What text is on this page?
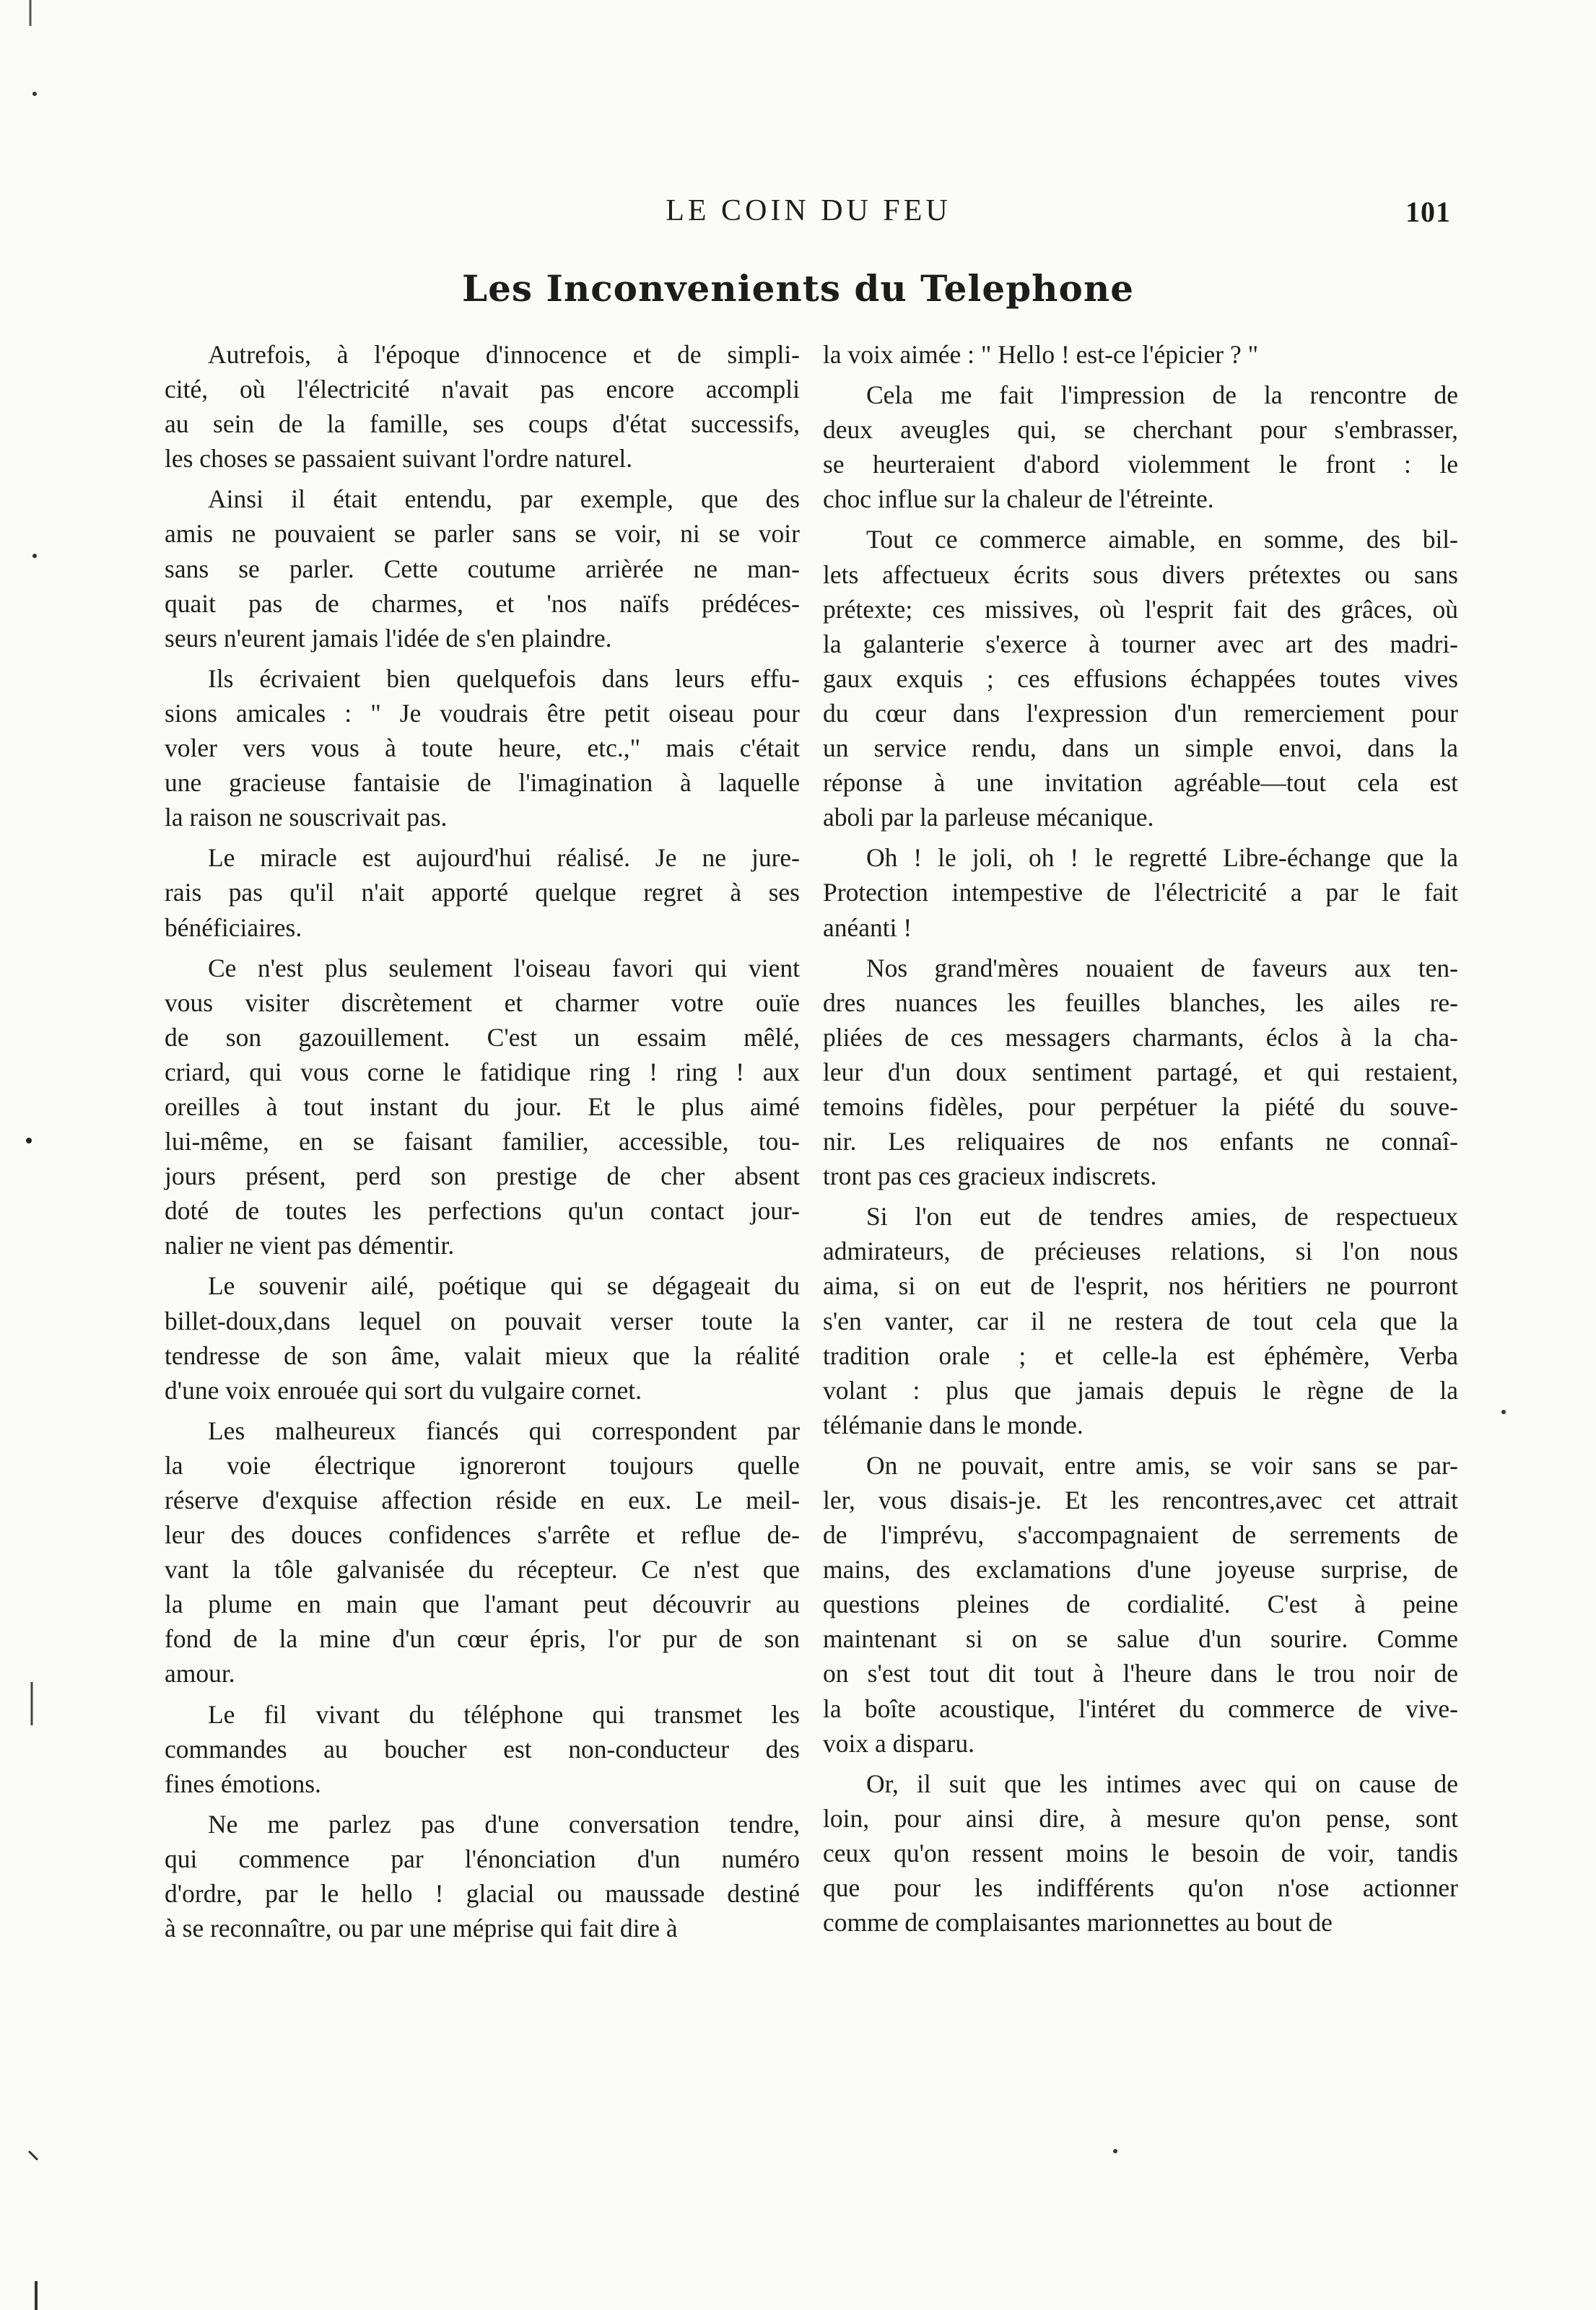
LE COIN DU FEU	101
Les Inconvenients du Telephone
Autrefois, à l'époque d'innocence et de simpli-
cité, où l'électricité n'avait pas encore accompli
au sein de la famille, ses coups d'état successifs,
les choses se passaient suivant l'ordre naturel.
Ainsi il était entendu, par exemple, que des
amis ne pouvaient se parler sans se voir, ni se voir
sans se parler. Cette coutume arrièrée ne man-
quait pas de charmes, et 'nos naïfs prédéces-
seurs n'eurent jamais l'idée de s'en plaindre.
Ils écrivaient bien quelquefois dans leurs effu-
sions amicales : " Je voudrais être petit oiseau pour
voler vers vous à toute heure, etc.," mais c'était
une gracieuse fantaisie de l'imagination à laquelle
la raison ne souscrivait pas.
Le miracle est aujourd'hui réalisé. Je ne jure-
rais pas qu'il n'ait apporté quelque regret à ses
bénéficiaires.
Ce n'est plus seulement l'oiseau favori qui vient
vous visiter discrètement et charmer votre ouïe
de son gazouillement. C'est un essaim mêlé,
criard, qui vous corne le fatidique ring ! ring ! aux
oreilles à tout instant du jour. Et le plus aimé
lui-même, en se faisant familier, accessible, tou-
jours présent, perd son prestige de cher absent
doté de toutes les perfections qu'un contact jour-
nalier ne vient pas démentir.
Le souvenir ailé, poétique qui se dégageait du
billet-doux,dans lequel on pouvait verser toute la
tendresse de son âme, valait mieux que la réalité
d'une voix enrouée qui sort du vulgaire cornet.
Les malheureux fiancés qui correspondent par
la voie électrique ignoreront toujours quelle
réserve d'exquise affection réside en eux. Le meil-
leur des douces confidences s'arrête et reflue de-
vant la tôle galvanisée du récepteur. Ce n'est que
la plume en main que l'amant peut découvrir au
fond de la mine d'un cœur épris, l'or pur de son
amour.
Le fil vivant du téléphone qui transmet les
commandes au boucher est non-conducteur des
fines émotions.
Ne me parlez pas d'une conversation tendre,
qui commence par l'énonciation d'un numéro
d'ordre, par le hello ! glacial ou maussade destiné
à se reconnaître, ou par une méprise qui fait dire à
la voix aimée : " Hello ! est-ce l'épicier ? "
Cela me fait l'impression de la rencontre de
deux aveugles qui, se cherchant pour s'embrasser,
se heurteraient d'abord violemment le front : le
choc influe sur la chaleur de l'étreinte.
Tout ce commerce aimable, en somme, des bil-
lets affectueux écrits sous divers prétextes ou sans
prétexte; ces missives, où l'esprit fait des grâces, où
la galanterie s'exerce à tourner avec art des madri-
gaux exquis ; ces effusions échappées toutes vives
du cœur dans l'expression d'un remerciement pour
un service rendu, dans un simple envoi, dans la
réponse à une invitation agréable—tout cela est
aboli par la parleuse mécanique.
Oh ! le joli, oh ! le regretté Libre-échange que la
Protection intempestive de l'électricité a par le fait
anéanti !
Nos grand'mères nouaient de faveurs aux ten-
dres nuances les feuilles blanches, les ailes re-
pliées de ces messagers charmants, éclos à la cha-
leur d'un doux sentiment partagé, et qui restaient,
temoins fidèles, pour perpétuer la piété du souve-
nir. Les reliquaires de nos enfants ne connaî-
tront pas ces gracieux indiscrets.
Si l'on eut de tendres amies, de respectueux
admirateurs, de précieuses relations, si l'on nous
aima, si on eut de l'esprit, nos héritiers ne pourront
s'en vanter, car il ne restera de tout cela que la
tradition orale ; et celle-la est éphémère, Verba
volant : plus que jamais depuis le règne de la
télémanie dans le monde.
On ne pouvait, entre amis, se voir sans se par-
ler, vous disais-je. Et les rencontres,avec cet attrait
de l'imprévu, s'accompagnaient de serrements de
mains, des exclamations d'une joyeuse surprise, de
questions pleines de cordialité. C'est à peine
maintenant si on se salue d'un sourire. Comme
on s'est tout dit tout à l'heure dans le trou noir de
la boîte acoustique, l'intéret du commerce de vive-
voix a disparu.
Or, il suit que les intimes avec qui on cause de
loin, pour ainsi dire, à mesure qu'on pense, sont
ceux qu'on ressent moins le besoin de voir, tandis
que pour les indifférents qu'on n'ose actionner
comme de complaisantes marionnettes au bout de
